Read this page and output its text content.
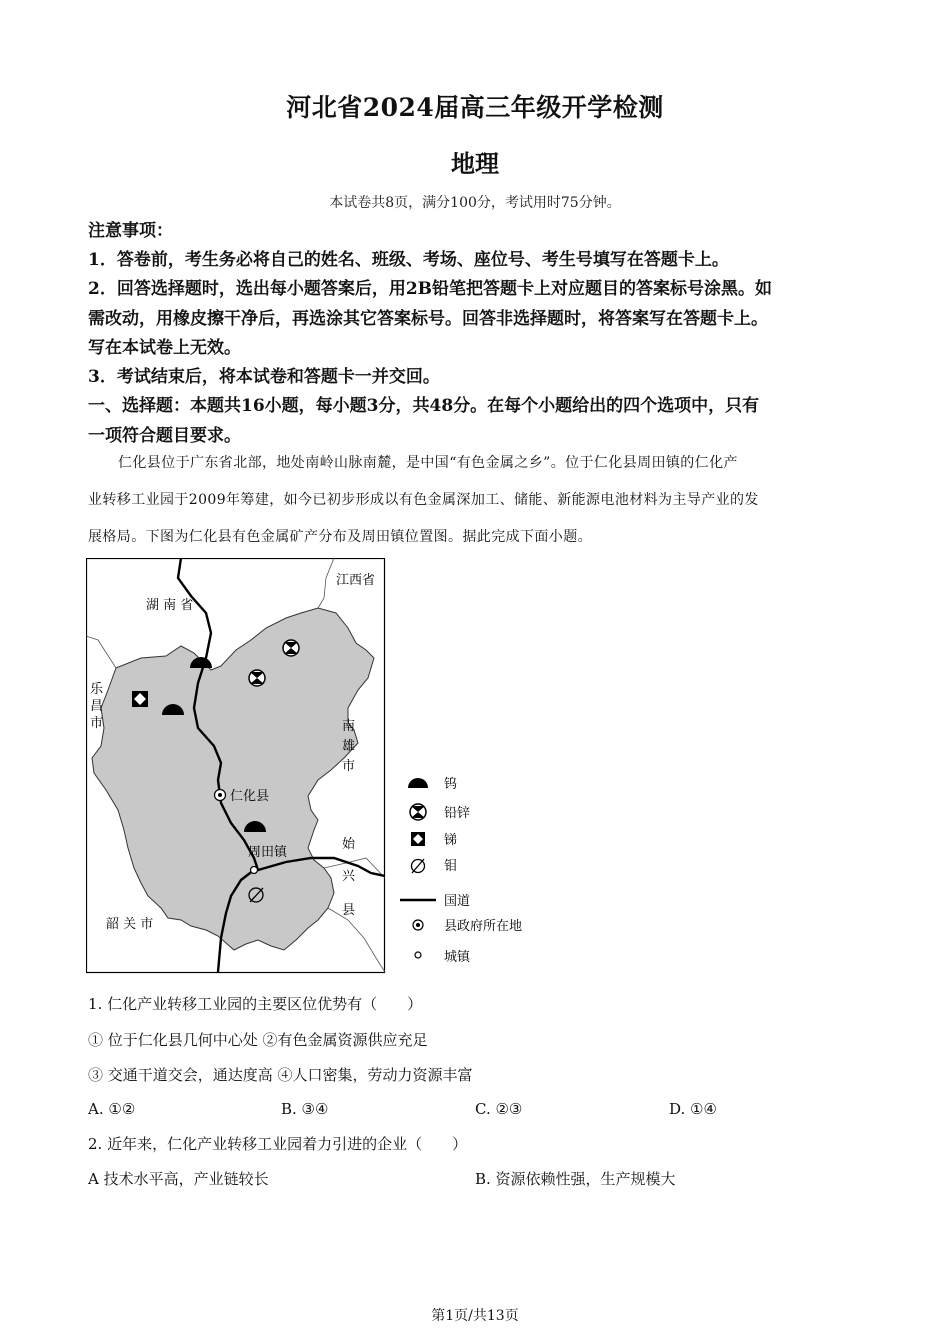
河北省2024届高三年级开学检测
地理
本试卷共8页，满分100分，考试用时75分钟。
注意事项：
1．答卷前，考生务必将自己的姓名、班级、考场、座位号、考生号填写在答题卡上。
2．回答选择题时，选出每小题答案后，用2B铅笔把答题卡上对应题目的答案标号涂黑。如
需改动，用橡皮擦干净后，再选涂其它答案标号。回答非选择题时，将答案写在答题卡上。
写在本试卷上无效。
3．考试结束后，将本试卷和答题卡一并交回。
一、选择题：本题共16小题，每小题3分，共48分。在每个小题给出的四个选项中，只有
一项符合题目要求。
仁化县位于广东省北部，地处南岭山脉南麓，是中国“有色金属之乡”。位于仁化县周田镇的仁化产
业转移工业园于2009年筹建，如今已初步形成以有色金属深加工、储能、新能源电池材料为主导产业的发
展格局。下图为仁化县有色金属矿产分布及周田镇位置图。据此完成下面小题。
湖 南 省
江西省
乐
昌
市	南
雄
市
始
兴
县
韶 关 市
仁化县
周田镇
钨
铅锌
锑
钼
国道
县政府所在地
城镇
1. 仁化产业转移工业园的主要区位优势有（　　）
① 位于仁化县几何中心处 ②有色金属资源供应充足
③ 交通干道交会，通达度高 ④人口密集，劳动力资源丰富
A. ①②	B. ③④	C. ②③	D. ①④
2. 近年来，仁化产业转移工业园着力引进的企业（　　）
A 技术水平高，产业链较长	B. 资源依赖性强，生产规模大
第1页/共13页
